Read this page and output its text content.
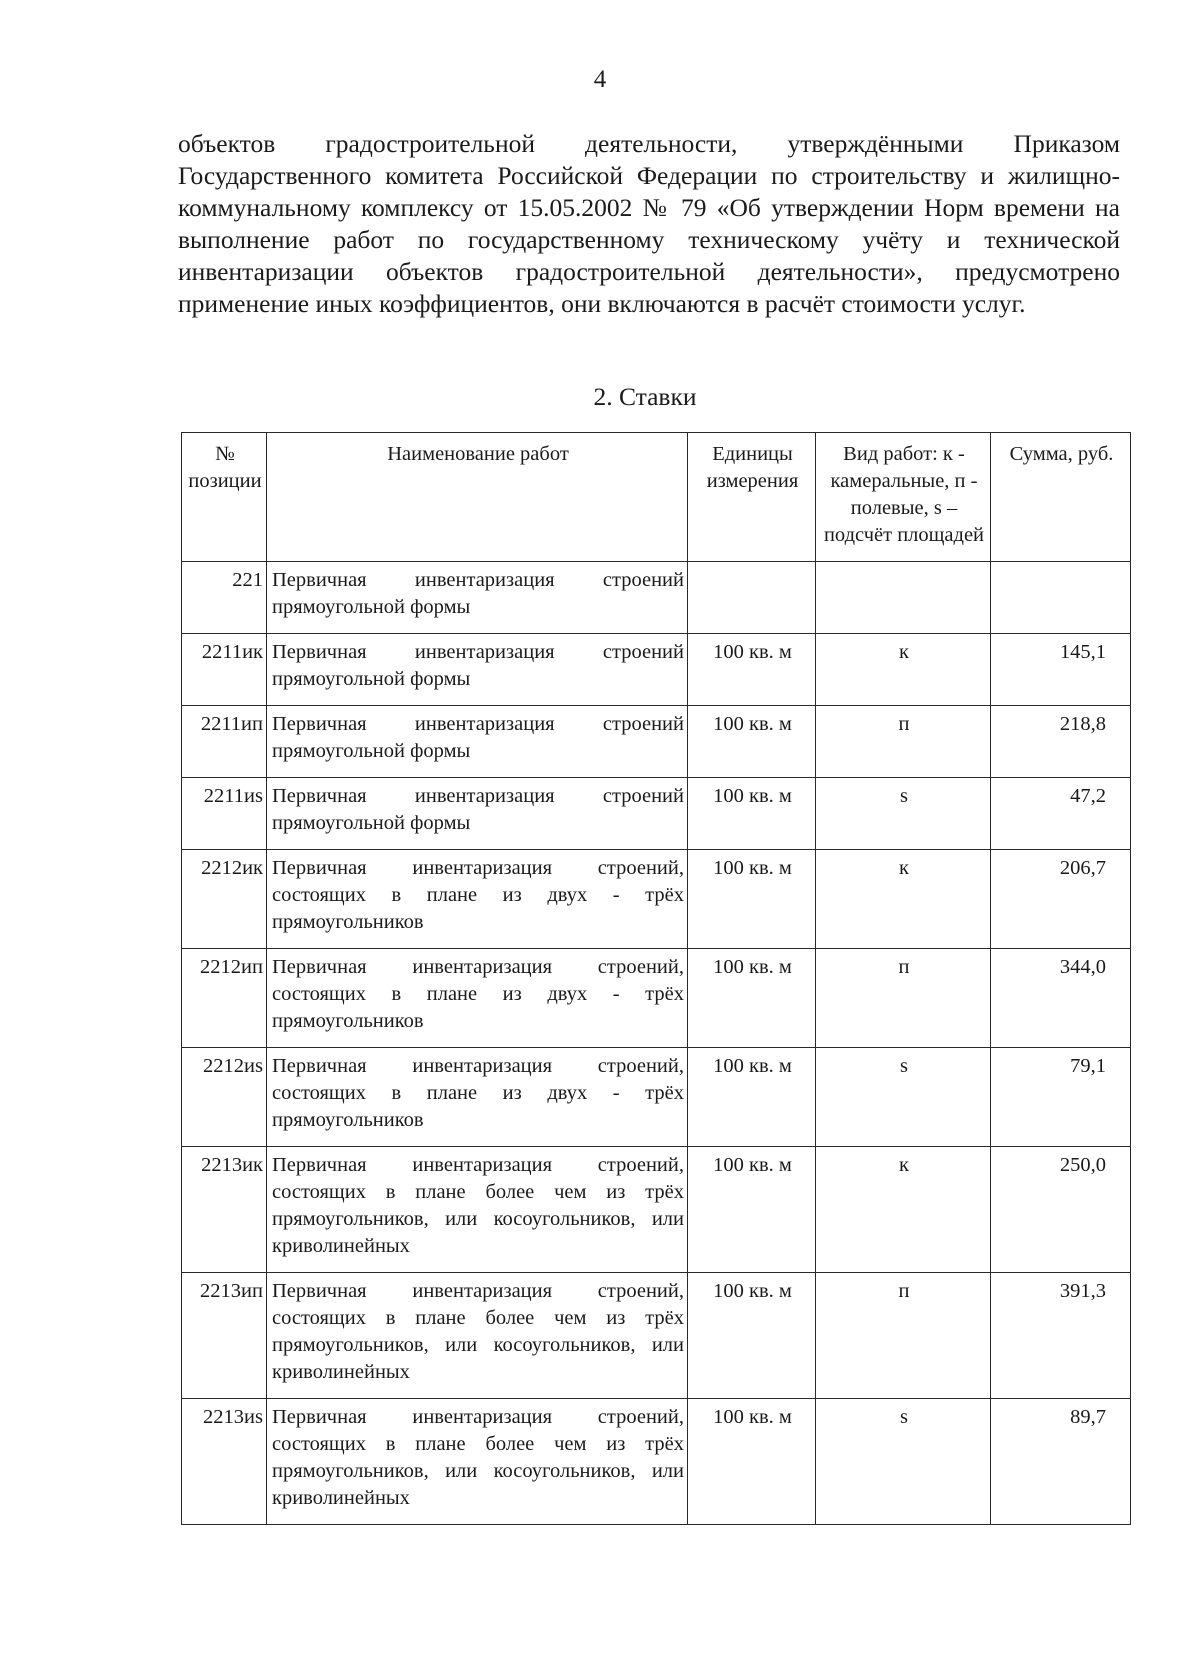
4

объектов градостроительной деятельности, утверждёнными Приказом Государственного комитета Российской Федерации по строительству и жилищно-коммунальному комплексу от 15.05.2002 № 79 «Об утверждении Норм времени на выполнение работ по государственному техническому учёту и технической инвентаризации объектов градостроительной деятельности», предусмотрено применение иных коэффициентов, они включаются в расчёт стоимости услуг.

2. Ставки
№ позиции	Наименование работ	Единицы измерения	Вид работ: к - камеральные, п - полевые, s – подсчёт площадей	Сумма, руб.
221	Первичная инвентаризация строений прямоугольной формы			
2211ик	Первичная инвентаризация строений прямоугольной формы	100 кв. м	к	145,1
2211ип	Первичная инвентаризация строений прямоугольной формы	100 кв. м	п	218,8
2211иs	Первичная инвентаризация строений прямоугольной формы	100 кв. м	s	47,2
2212ик	Первичная инвентаризация строений, состоящих в плане из двух - трёх прямоугольников	100 кв. м	к	206,7
2212ип	Первичная инвентаризация строений, состоящих в плане из двух - трёх прямоугольников	100 кв. м	п	344,0
2212иs	Первичная инвентаризация строений, состоящих в плане из двух - трёх прямоугольников	100 кв. м	s	79,1
2213ик	Первичная инвентаризация строений, состоящих в плане более чем из трёх прямоугольников, или косоугольников, или криволинейных	100 кв. м	к	250,0
2213ип	Первичная инвентаризация строений, состоящих в плане более чем из трёх прямоугольников, или косоугольников, или криволинейных	100 кв. м	п	391,3
2213иs	Первичная инвентаризация строений, состоящих в плане более чем из трёх прямоугольников, или косоугольников, или криволинейных	100 кв. м	s	89,7
